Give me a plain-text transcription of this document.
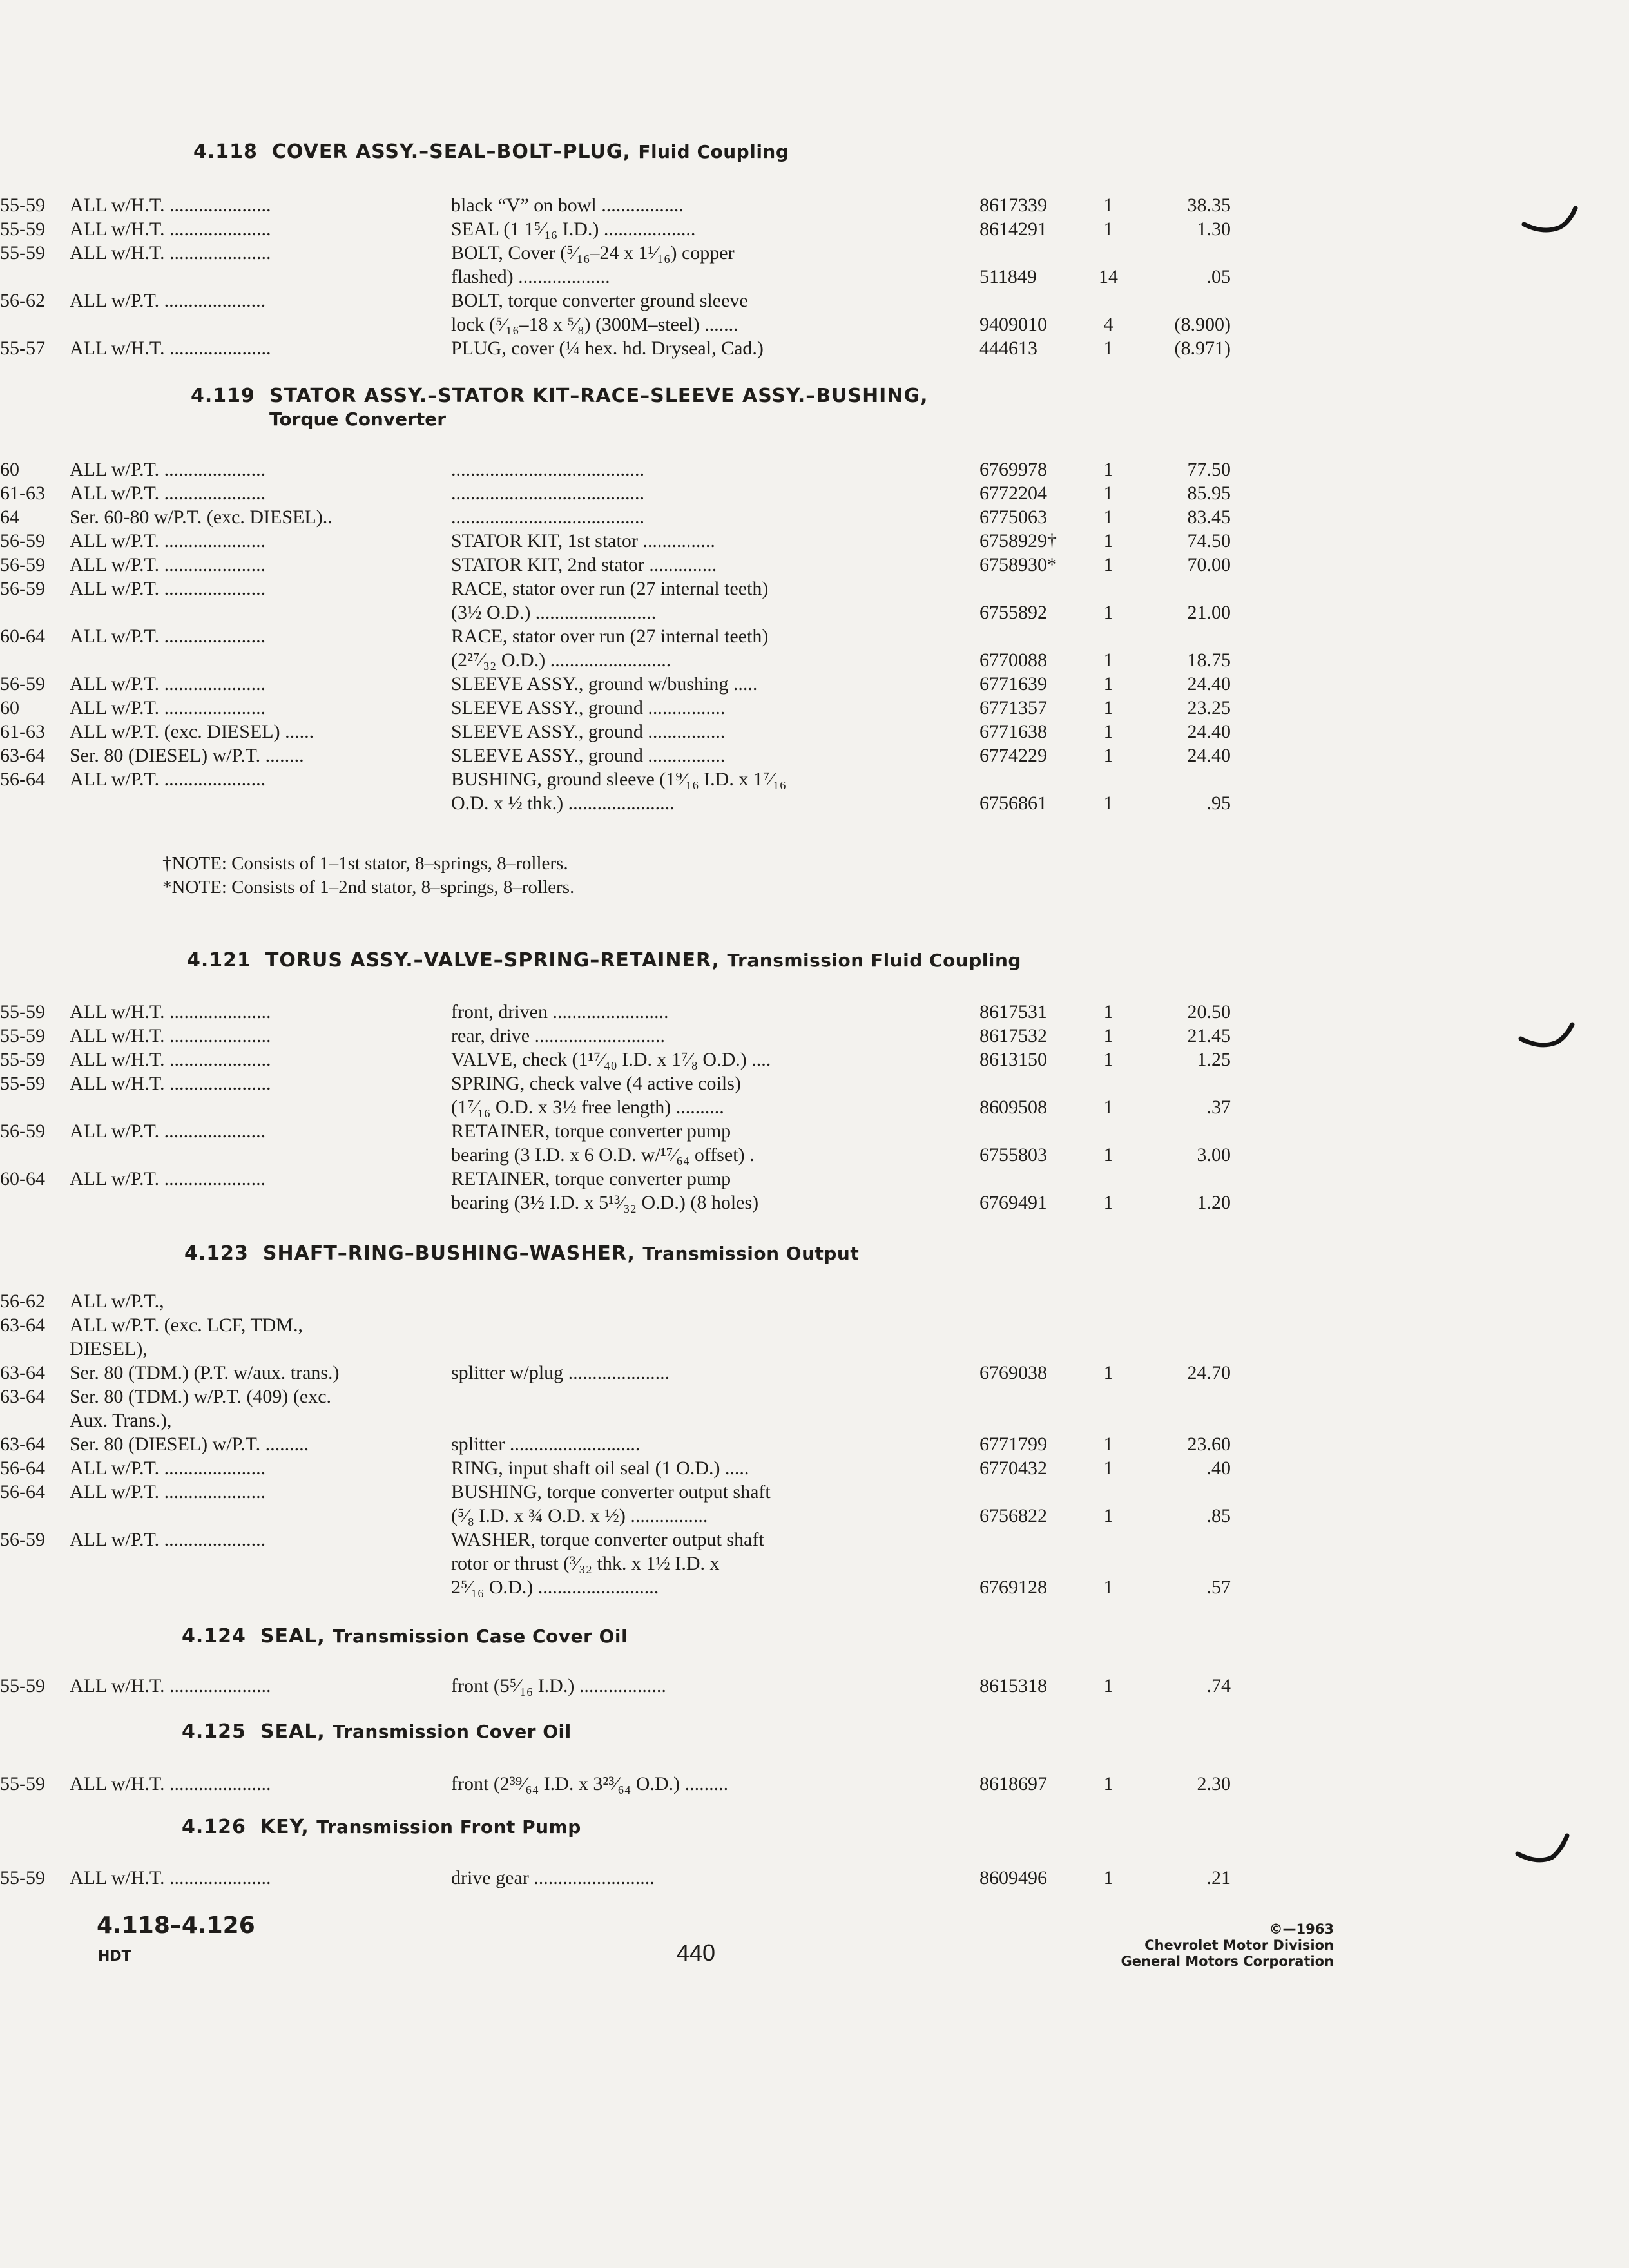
4.118 COVER ASSY.–SEAL–BOLT–PLUG, Fluid Coupling
55-59	ALL w/H.T. .....................	black “V” on bowl .................	8617339	1	38.35
55-59	ALL w/H.T. .....................	SEAL (1 1⁵⁄₁₆ I.D.) ...................	8614291	1	1.30
55-59	ALL w/H.T. .....................	BOLT, Cover (⁵⁄₁₆–24 x 1¹⁄₁₆) copper
flashed) ...................	511849	14	.05
56-62	ALL w/P.T. .....................	BOLT, torque converter ground sleeve
lock (⁵⁄₁₆–18 x ⁵⁄₈) (300M–steel) .......	9409010	4	(8.900)
55-57	ALL w/H.T. .....................	PLUG, cover (¼ hex. hd. Dryseal, Cad.)	444613	1	(8.971)
4.119 STATOR ASSY.–STATOR KIT–RACE–SLEEVE ASSY.–BUSHING,
Torque Converter
60	ALL w/P.T. .....................	........................................	6769978	1	77.50
61-63	ALL w/P.T. .....................	........................................	6772204	1	85.95
64	Ser. 60-80 w/P.T. (exc. DIESEL)..	........................................	6775063	1	83.45
56-59	ALL w/P.T. .....................	STATOR KIT, 1st stator ...............	6758929†	1	74.50
56-59	ALL w/P.T. .....................	STATOR KIT, 2nd stator ..............	6758930*	1	70.00
56-59	ALL w/P.T. .....................	RACE, stator over run (27 internal teeth)
(3½ O.D.) .........................	6755892	1	21.00
60-64	ALL w/P.T. .....................	RACE, stator over run (27 internal teeth)
(2²⁷⁄₃₂ O.D.) .........................	6770088	1	18.75
56-59	ALL w/P.T. .....................	SLEEVE ASSY., ground w/bushing .....	6771639	1	24.40
60	ALL w/P.T. .....................	SLEEVE ASSY., ground ................	6771357	1	23.25
61-63	ALL w/P.T. (exc. DIESEL) ......	SLEEVE ASSY., ground ................	6771638	1	24.40
63-64	Ser. 80 (DIESEL) w/P.T. ........	SLEEVE ASSY., ground ................	6774229	1	24.40
56-64	ALL w/P.T. .....................	BUSHING, ground sleeve (1⁹⁄₁₆ I.D. x 1⁷⁄₁₆
O.D. x ½ thk.) ......................	6756861	1	.95
†NOTE: Consists of 1–1st stator, 8–springs, 8–rollers.
*NOTE: Consists of 1–2nd stator, 8–springs, 8–rollers.
4.121 TORUS ASSY.–VALVE–SPRING–RETAINER, Transmission Fluid Coupling
55-59	ALL w/H.T. .....................	front, driven ........................	8617531	1	20.50
55-59	ALL w/H.T. .....................	rear, drive ...........................	8617532	1	21.45
55-59	ALL w/H.T. .....................	VALVE, check (1¹⁷⁄₄₀ I.D. x 1⁷⁄₈ O.D.) ....	8613150	1	1.25
55-59	ALL w/H.T. .....................	SPRING, check valve (4 active coils)
(1⁷⁄₁₆ O.D. x 3½ free length) ..........	8609508	1	.37
56-59	ALL w/P.T. .....................	RETAINER, torque converter pump
bearing (3 I.D. x 6 O.D. w/¹⁷⁄₆₄ offset) .	6755803	1	3.00
60-64	ALL w/P.T. .....................	RETAINER, torque converter pump
bearing (3½ I.D. x 5¹³⁄₃₂ O.D.) (8 holes)	6769491	1	1.20
4.123 SHAFT–RING–BUSHING–WASHER, Transmission Output
56-62	ALL w/P.T.,
63-64	ALL w/P.T. (exc. LCF, TDM.,
DIESEL),
63-64	Ser. 80 (TDM.) (P.T. w/aux. trans.)	splitter w/plug .....................	6769038	1	24.70
63-64	Ser. 80 (TDM.) w/P.T. (409) (exc.
Aux. Trans.),
63-64	Ser. 80 (DIESEL) w/P.T. .........	splitter ...........................	6771799	1	23.60
56-64	ALL w/P.T. .....................	RING, input shaft oil seal (1 O.D.) .....	6770432	1	.40
56-64	ALL w/P.T. .....................	BUSHING, torque converter output shaft
(⁵⁄₈ I.D. x ¾ O.D. x ½) ................	6756822	1	.85
56-59	ALL w/P.T. .....................	WASHER, torque converter output shaft
rotor or thrust (³⁄₃₂ thk. x 1½ I.D. x
2⁵⁄₁₆ O.D.) .........................	6769128	1	.57
4.124 SEAL, Transmission Case Cover Oil
55-59	ALL w/H.T. .....................	front (5⁵⁄₁₆ I.D.) ..................	8615318	1	.74
4.125 SEAL, Transmission Cover Oil
55-59	ALL w/H.T. .....................	front (2³⁹⁄₆₄ I.D. x 3²³⁄₆₄ O.D.) .........	8618697	1	2.30
4.126 KEY, Transmission Front Pump
55-59	ALL w/H.T. .....................	drive gear .........................	8609496	1	.21
4.118–4.126
HDT	440
©—1963
Chevrolet Motor Division
General Motors Corporation
